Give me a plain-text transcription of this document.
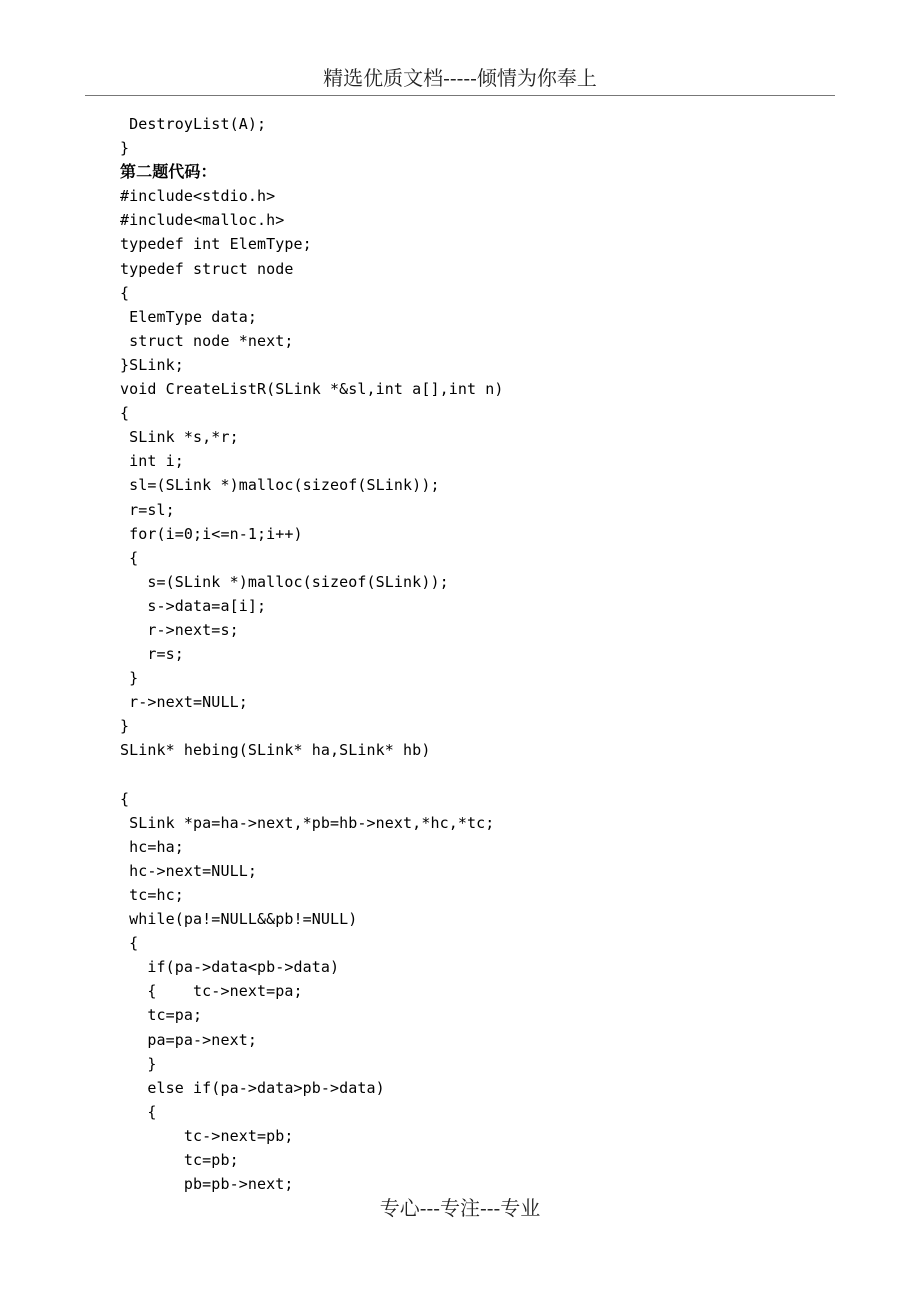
精选优质文档-----倾情为你奉上
DestroyList(A);
}
第二题代码：
#include<stdio.h>
#include<malloc.h>
typedef int ElemType;
typedef struct node
{
ElemType data;
struct node *next;
}SLink;
void CreateListR(SLink *&sl,int a[],int n)
{
SLink *s,*r;
int i;
sl=(SLink *)malloc(sizeof(SLink));
r=sl;
for(i=0;i<=n-1;i++)
{
s=(SLink *)malloc(sizeof(SLink));
s->data=a[i];
r->next=s;
r=s;
}
r->next=NULL;
}
SLink* hebing(SLink* ha,SLink* hb)
{
SLink *pa=ha->next,*pb=hb->next,*hc,*tc;
hc=ha;
hc->next=NULL;
tc=hc;
while(pa!=NULL&&pb!=NULL)
{
if(pa->data<pb->data)
{    tc->next=pa;
tc=pa;
pa=pa->next;
}
else if(pa->data>pb->data)
{
tc->next=pb;
tc=pb;
pb=pb->next;
专心---专注---专业
